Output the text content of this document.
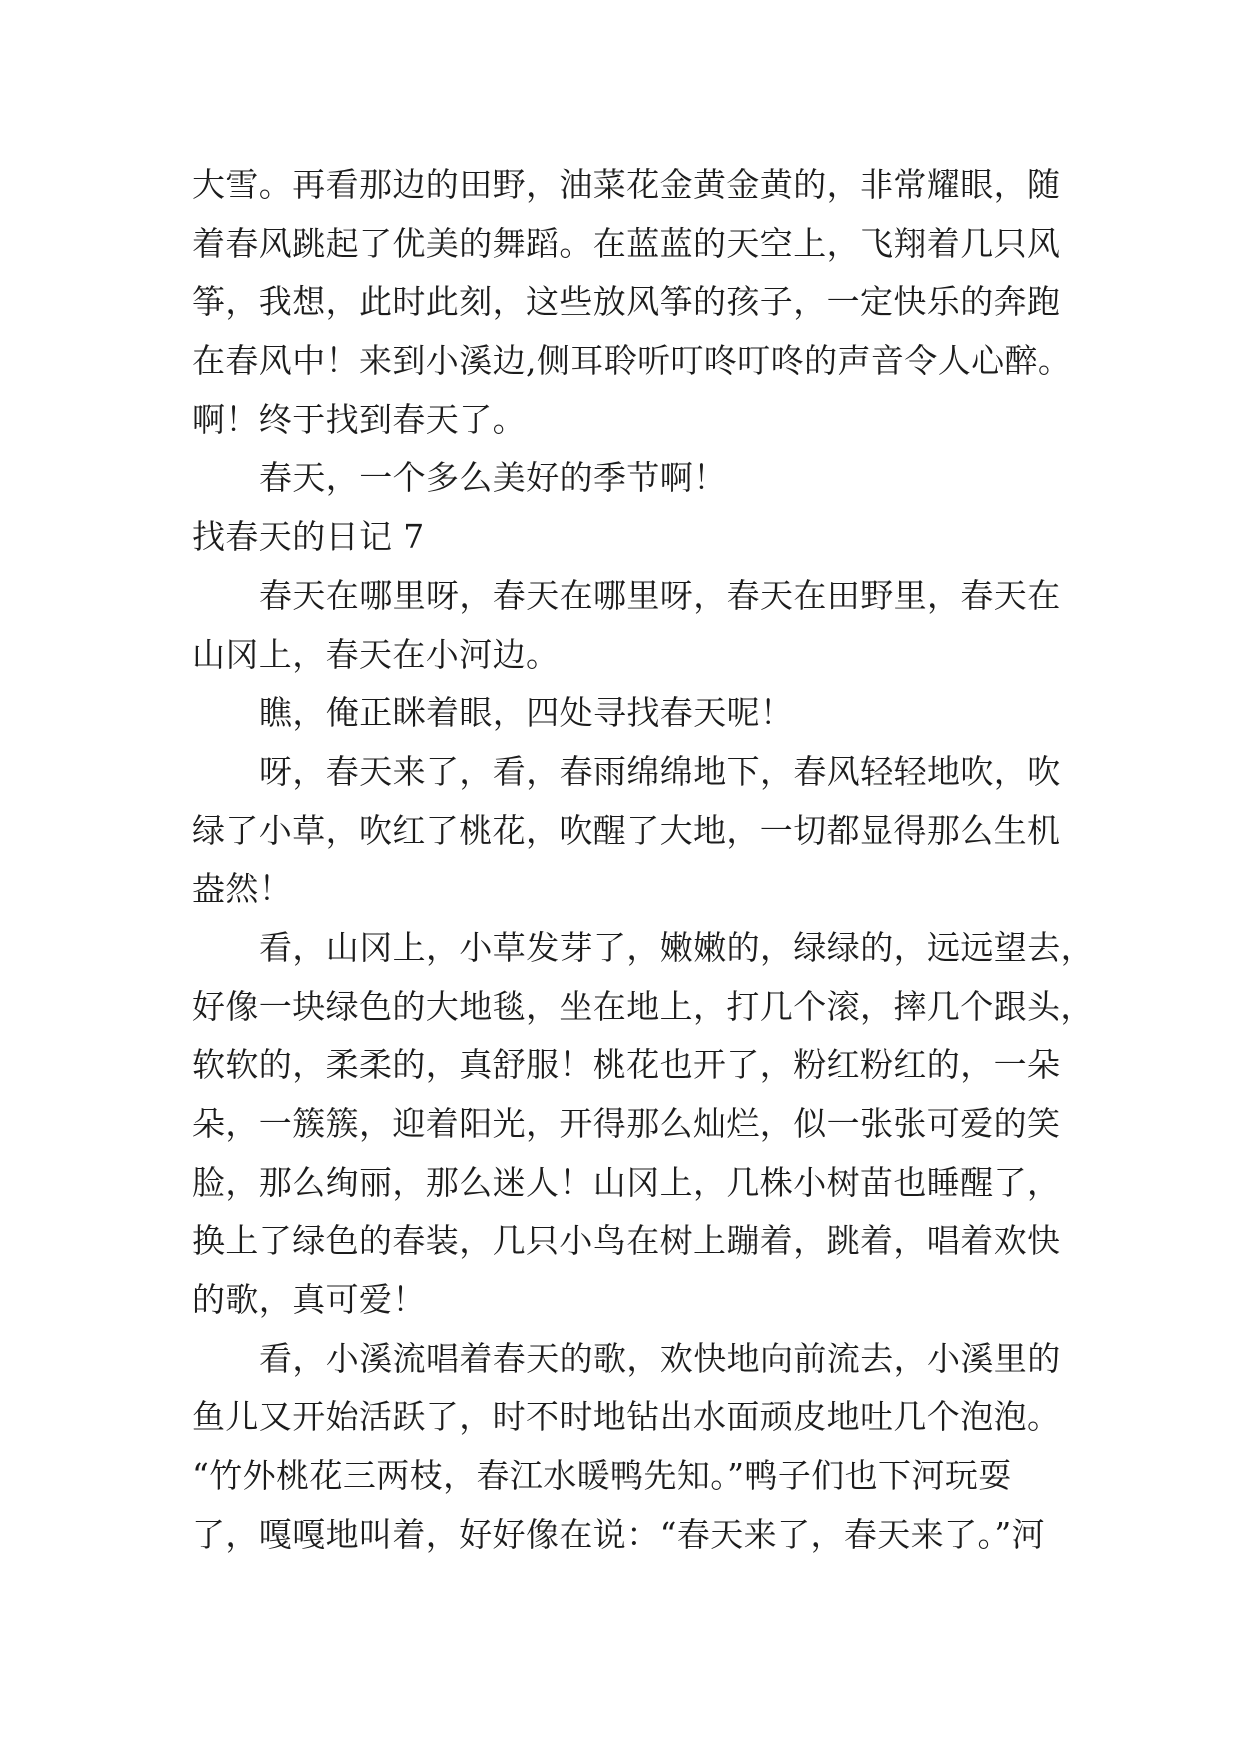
大雪。再看那边的田野，油菜花金黄金黄的，非常耀眼，随
着春风跳起了优美的舞蹈。在蓝蓝的天空上，飞翔着几只风
筝，我想，此时此刻，这些放风筝的孩子，一定快乐的奔跑
在春风中！来到小溪边,侧耳聆听叮咚叮咚的声音令人心醉。
啊！终于找到春天了。
春天，一个多么美好的季节啊！
找春天的日记 7
春天在哪里呀，春天在哪里呀，春天在田野里，春天在
山冈上，春天在小河边。
瞧，俺正眯着眼，四处寻找春天呢！
呀，春天来了，看，春雨绵绵地下，春风轻轻地吹，吹
绿了小草，吹红了桃花，吹醒了大地，一切都显得那么生机
盎然！
看，山冈上，小草发芽了，嫩嫩的，绿绿的，远远望去，
好像一块绿色的大地毯，坐在地上，打几个滚，摔几个跟头，
软软的，柔柔的，真舒服！桃花也开了，粉红粉红的，一朵
朵，一簇簇，迎着阳光，开得那么灿烂，似一张张可爱的笑
脸，那么绚丽，那么迷人！山冈上，几株小树苗也睡醒了，
换上了绿色的春装，几只小鸟在树上蹦着，跳着，唱着欢快
的歌，真可爱！
看，小溪流唱着春天的歌，欢快地向前流去，小溪里的
鱼儿又开始活跃了，时不时地钻出水面顽皮地吐几个泡泡。
“竹外桃花三两枝，春江水暖鸭先知。”鸭子们也下河玩耍
了，嘎嘎地叫着，好好像在说：“春天来了，春天来了。”河
